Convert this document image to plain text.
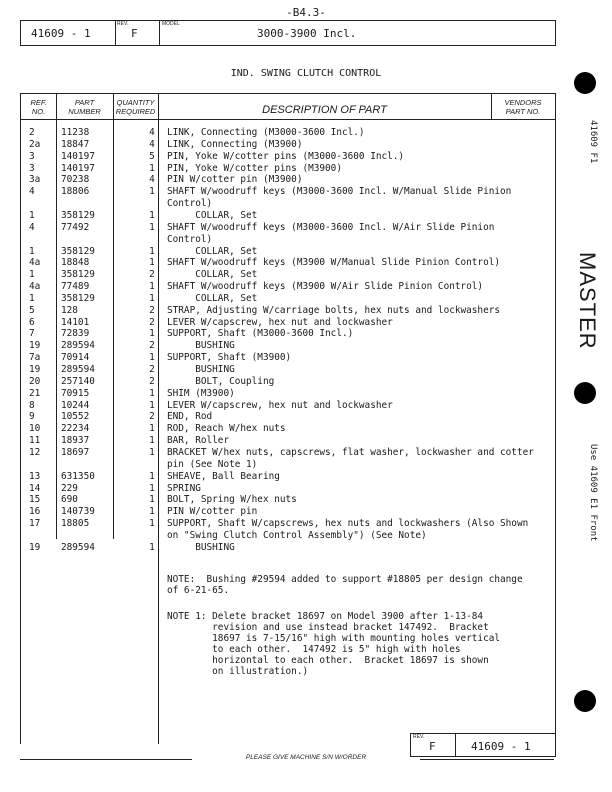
-B4.3-
41609 - 1
REV.
F
MODEL
3000-3900 Incl.
IND. SWING CLUTCH CONTROL
REF.
NO.
PART
NUMBER
QUANTITY
REQUIRED	DESCRIPTION OF PART
VENDORS
PART NO.
2	11238	4	LINK, Connecting (M3000-3600 Incl.)
2a	18847	4	LINK, Connecting (M3900)
3	140197	5	PIN, Yoke W/cotter pins (M3000-3600 Incl.)
3	140197	1	PIN, Yoke W/cotter pins (M3900)
3a	70238	4	PIN W/cotter pin (M3900)
4	18806	1	SHAFT W/woodruff keys (M3000-3600 Incl. W/Manual Slide Pinion
Control)
1	358129	1	COLLAR, Set
4	77492	1	SHAFT W/woodruff keys (M3000-3600 Incl. W/Air Slide Pinion
Control)
1	358129	1	COLLAR, Set
4a	18848	1	SHAFT W/woodruff keys (M3900 W/Manual Slide Pinion Control)
1	358129	2	COLLAR, Set
4a	77489	1	SHAFT W/woodruff keys (M3900 W/Air Slide Pinion Control)
1	358129	1	COLLAR, Set
5	128	2	STRAP, Adjusting W/carriage bolts, hex nuts and lockwashers
6	14101	2	LEVER W/capscrew, hex nut and lockwasher
7	72839	1	SUPPORT, Shaft (M3000-3600 Incl.)
19	289594	2	BUSHING
7a	70914	1	SUPPORT, Shaft (M3900)
19	289594	2	BUSHING
20	257140	2	BOLT, Coupling
21	70915	1	SHIM (M3900)
8	10244	1	LEVER W/capscrew, hex nut and lockwasher
9	10552	2	END, Rod
10	22234	1	ROD, Reach W/hex nuts
11	18937	1	BAR, Roller
12	18697	1	BRACKET W/hex nuts, capscrews, flat washer, lockwasher and cotter
pin (See Note 1)
13	631350	1	SHEAVE, Ball Bearing
14	229	1	SPRING
15	690	1	BOLT, Spring W/hex nuts
16	140739	1	PIN W/cotter pin
17	18805	1	SUPPORT, Shaft W/capscrews, hex nuts and lockwashers (Also Shown
on "Swing Clutch Control Assembly") (See Note)
19	289594	1	BUSHING
NOTE:  Bushing #29594 added to support #18805 per design change
of 6-21-65.
NOTE 1: Delete bracket 18697 on Model 3900 after 1-13-84
revision and use instead bracket 147492.  Bracket
18697 is 7-15/16" high with mounting holes vertical
to each other.  147492 is 5" high with holes
horizontal to each other.  Bracket 18697 is shown
on illustration.)
REV.
F	41609 - 1
PLEASE GIVE MACHINE S/N W/ORDER
41609 F1
MASTER
Use 41609 E1 Front
